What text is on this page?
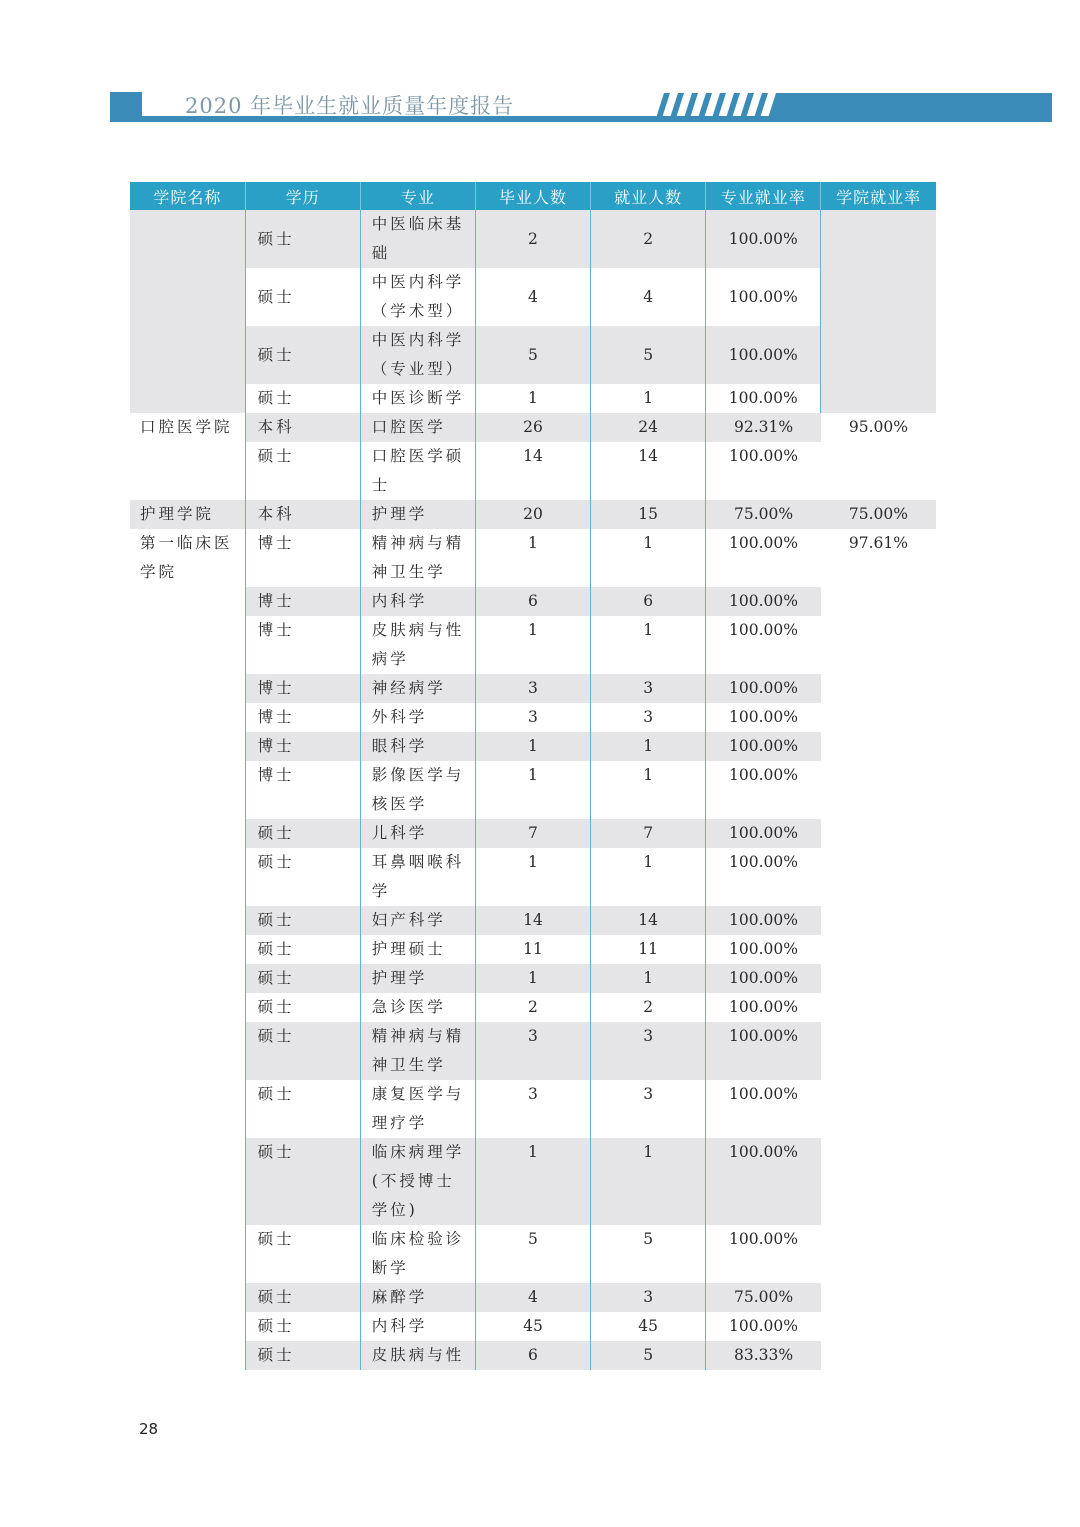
2020 年毕业生就业质量年度报告
学院名称	学历	专业	毕业人数	就业人数	专业就业率	学院就业率
	硕士	中医临床基础	2	2	100.00%	
	硕士	中医内科学（学术型）	4	4	100.00%	
	硕士	中医内科学（专业型）	5	5	100.00%	
	硕士	中医诊断学	1	1	100.00%	
口腔医学院	本科	口腔医学	26	24	92.31%	95.00%
	硕士	口腔医学硕士	14	14	100.00%	
护理学院	本科	护理学	20	15	75.00%	75.00%
第一临床医学院	博士	精神病与精神卫生学	1	1	100.00%	97.61%
	博士	内科学	6	6	100.00%	
	博士	皮肤病与性病学	1	1	100.00%	
	博士	神经病学	3	3	100.00%	
	博士	外科学	3	3	100.00%	
	博士	眼科学	1	1	100.00%	
	博士	影像医学与核医学	1	1	100.00%	
	硕士	儿科学	7	7	100.00%	
	硕士	耳鼻咽喉科学	1	1	100.00%	
	硕士	妇产科学	14	14	100.00%	
	硕士	护理硕士	11	11	100.00%	
	硕士	护理学	1	1	100.00%	
	硕士	急诊医学	2	2	100.00%	
	硕士	精神病与精神卫生学	3	3	100.00%	
	硕士	康复医学与理疗学	3	3	100.00%	
	硕士	临床病理学(不授博士学位)	1	1	100.00%	
	硕士	临床检验诊断学	5	5	100.00%	
	硕士	麻醉学	4	3	75.00%	
	硕士	内科学	45	45	100.00%	
	硕士	皮肤病与性	6	5	83.33%	
28
